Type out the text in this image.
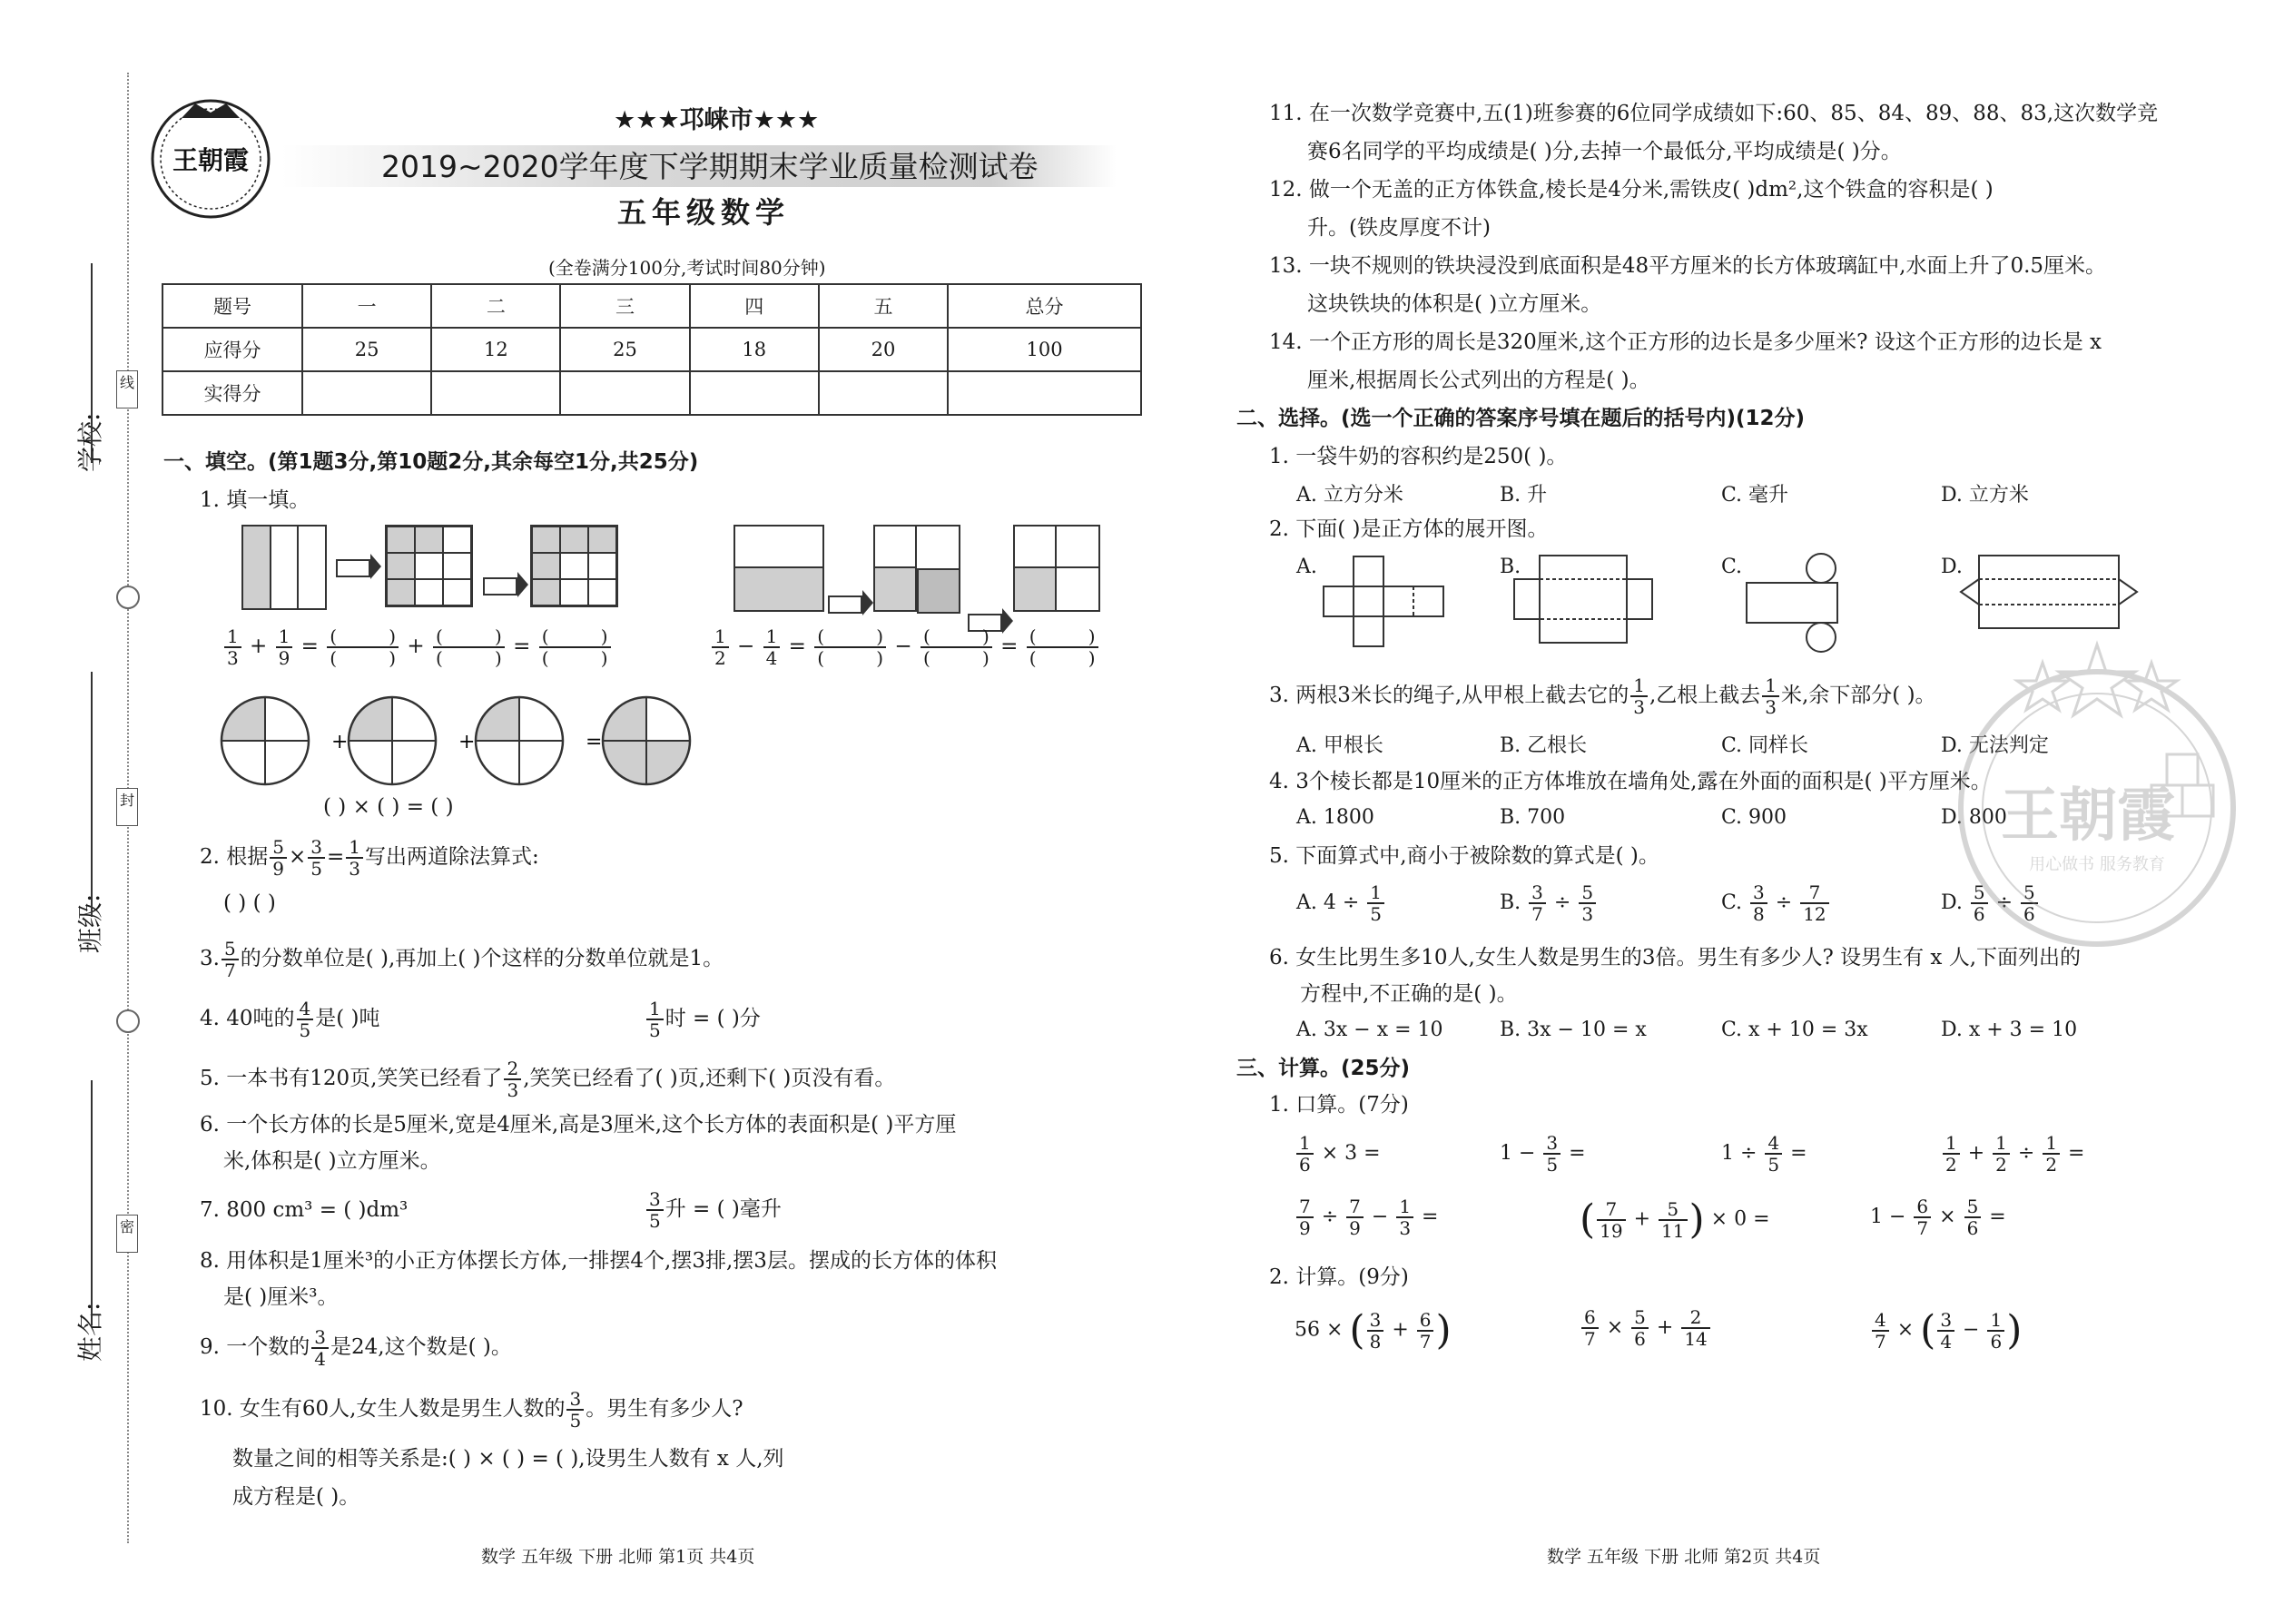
线
封
密
学校:
班级:
姓名:
王朝霞
★★★邛崃市★★★
2019~2020学年度下学期期末学业质量检测试卷
五年级数学
(全卷满分100分,考试时间80分钟)
题号	一	二	三	四	五	总分
应得分	25	12	25	18	20	100
实得分						
一、填空。(第1题3分,第10题2分,其余每空1分,共25分)
1. 填一填。
$\frac{1}{3} + \frac{1}{9} = \frac{( )}{( )} + \frac{( )}{( )} = \frac{( )}{( )}$	$\frac{1}{2} - \frac{1}{4} = \frac{( )}{( )} - \frac{( )}{( )} = \frac{( )}{( )}$
+	+	=
( ) × ( ) = ( )
2. 根据 $\frac{5}{9} \times \frac{3}{5} = \frac{1}{3}$ 写出两道除法算式:
( ) ( )
3. $\frac{5}{7}$ 的分数单位是( ),再加上( )个这样的分数单位就是1。
4. 40吨的 $\frac{4}{5}$ 是( )吨	$\frac{1}{5}$ 时 = ( )分
5. 一本书有120页,笑笑已经看了 $\frac{2}{3}$ ,笑笑已经看了( )页,还剩下( )页没有看。
6. 一个长方体的长是5厘米,宽是4厘米,高是3厘米,这个长方体的表面积是( )平方厘
米,体积是( )立方厘米。
7. 800 cm³ = ( )dm³	$\frac{3}{5}$ 升 = ( )毫升
8. 用体积是1厘米³的小正方体摆长方体,一排摆4个,摆3排,摆3层。摆成的长方体的体积
是( )厘米³。
9. 一个数的 $\frac{3}{4}$ 是24,这个数是( )。
10. 女生有60人,女生人数是男生人数的 $\frac{3}{5}$ 。男生有多少人?
数量之间的相等关系是:( ) × ( ) = ( ),设男生人数有 x 人,列
成方程是( )。
数学 五年级 下册 北师 第1页 共4页
11. 在一次数学竞赛中,五(1)班参赛的6位同学成绩如下:60、85、84、89、88、83,这次数学竞
赛6名同学的平均成绩是( )分,去掉一个最低分,平均成绩是( )分。
12. 做一个无盖的正方体铁盒,棱长是4分米,需铁皮( )dm²,这个铁盒的容积是( )
升。(铁皮厚度不计)
13. 一块不规则的铁块浸没到底面积是48平方厘米的长方体玻璃缸中,水面上升了0.5厘米。
这块铁块的体积是( )立方厘米。
14. 一个正方形的周长是320厘米,这个正方形的边长是多少厘米? 设这个正方形的边长是 x
厘米,根据周长公式列出的方程是( )。
二、选择。(选一个正确的答案序号填在题后的括号内)(12分)
1. 一袋牛奶的容积约是250( )。
A. 立方分米	B. 升	C. 毫升	D. 立方米
2. 下面( )是正方体的展开图。
A.	B.	C.	D.
3. 两根3米长的绳子,从甲根上截去它的 $\frac{1}{3}$ ,乙根上截去 $\frac{1}{3}$ 米,余下部分( )。
A. 甲根长	B. 乙根长	C. 同样长	D. 无法判定
4. 3个棱长都是10厘米的正方体堆放在墙角处,露在外面的面积是( )平方厘米。
A. 1800	B. 700	C. 900	D. 800
5. 下面算式中,商小于被除数的算式是( )。
A. $4 \div \frac{1}{5}$	B. $\frac{3}{7} \div \frac{5}{3}$	C. $\frac{3}{8} \div \frac{7}{12}$	D. $\frac{5}{6} \div \frac{5}{6}$
6. 女生比男生多10人,女生人数是男生的3倍。男生有多少人? 设男生有 x 人,下面列出的
方程中,不正确的是( )。
A. 3x − x = 10	B. 3x − 10 = x	C. x + 10 = 3x	D. x + 3 = 10
三、计算。(25分)
1. 口算。(7分)
$\frac{1}{6} \times 3$ =	$1 - \frac{3}{5}$ =	$1 \div \frac{4}{5}$ =	$\frac{1}{2} + \frac{1}{2} \div \frac{1}{2}$ =
$\frac{7}{9} \div \frac{7}{9} - \frac{1}{3}$ =	( $\frac{7}{19} + \frac{5}{11}$ ) × 0 =	$1 - \frac{6}{7} \times \frac{5}{6}$ =
2. 计算。(9分)
56 × ( $\frac{3}{8} + \frac{6}{7}$ )	$\frac{6}{7} \times \frac{5}{6} + \frac{2}{14}$	$\frac{4}{7}$ × ( $\frac{3}{4} - \frac{1}{6}$ )
数学 五年级 下册 北师 第2页 共4页
王朝霞
用心做书 服务教育
